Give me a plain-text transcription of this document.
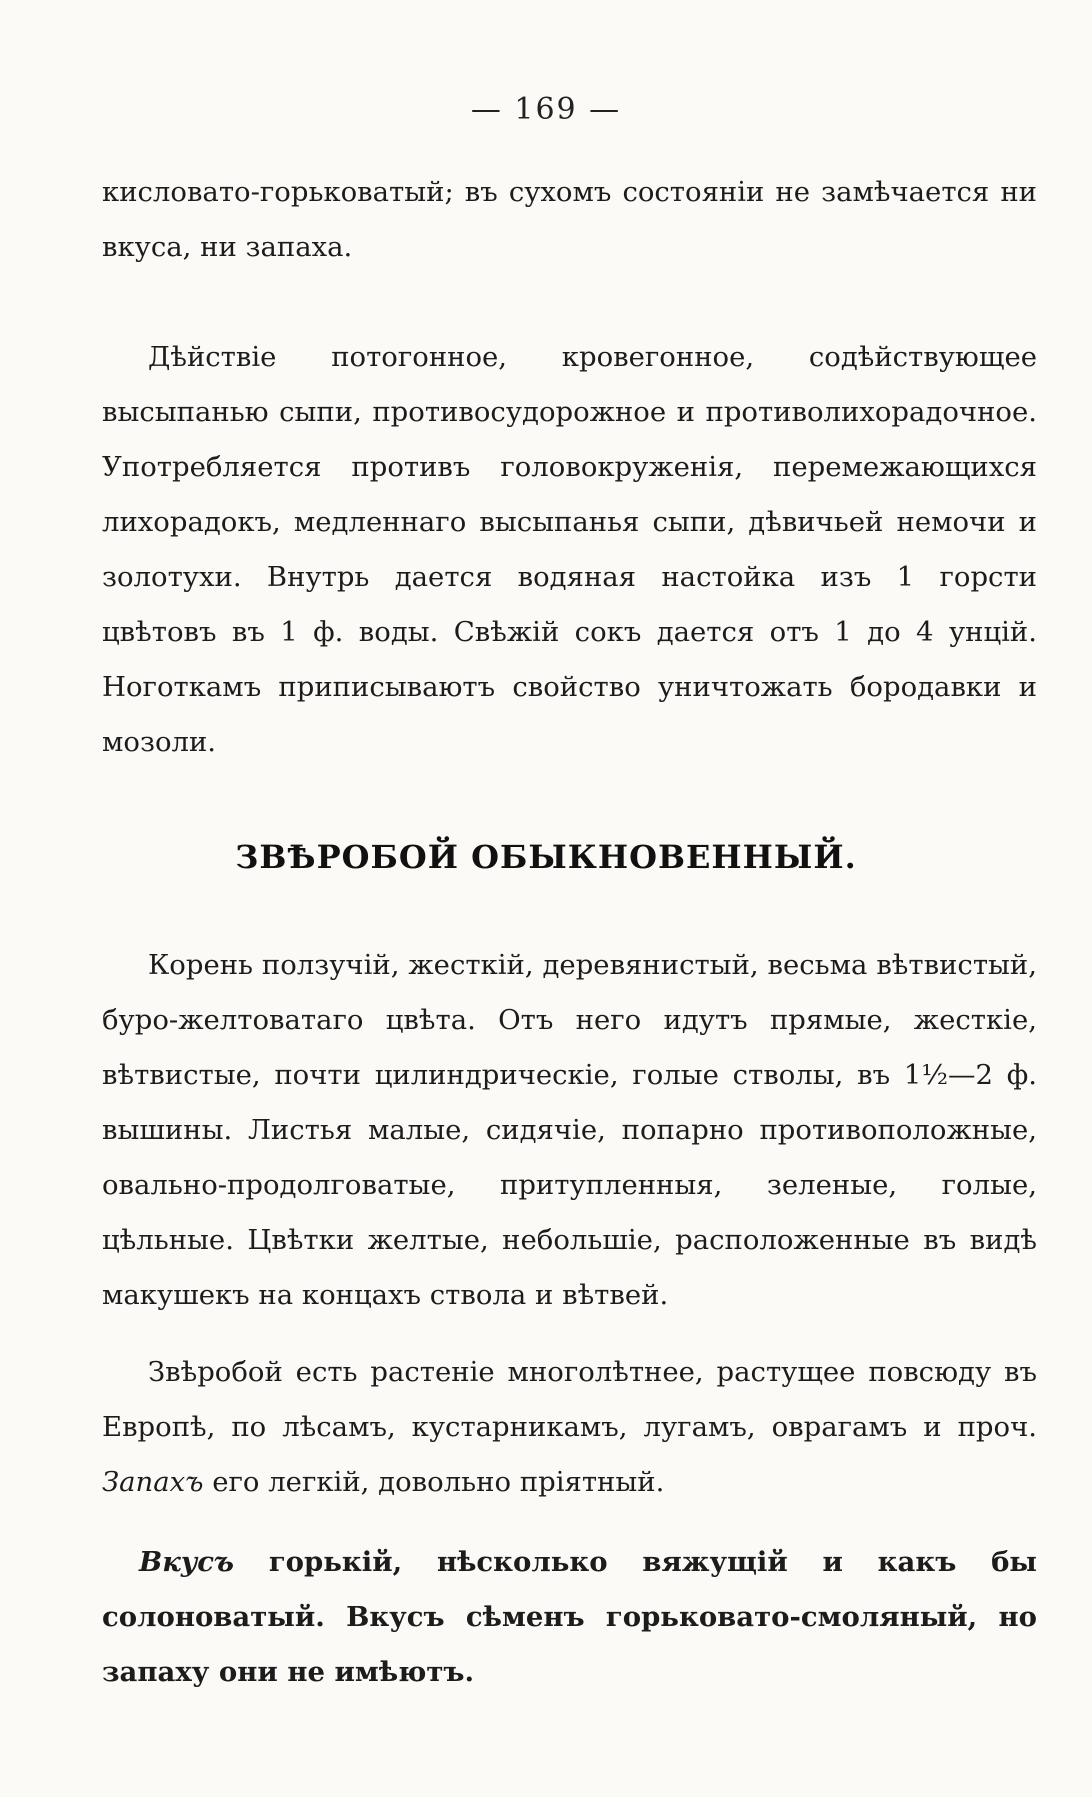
— 169 —

кисловато-горьковатый; въ сухомъ состояніи не замѣчается ни вкуса, ни запаха.

Дѣйствіе потогонное, кровегонное, содѣйствующее высыпанью сыпи, противосудорожное и противолихорадочное. Употребляется противъ головокруженія, перемежающихся лихорадокъ, медленнаго высыпанья сыпи, дѣвичьей немочи и золотухи. Внутрь дается водяная настойка изъ 1 горсти цвѣтовъ въ 1 ф. воды. Свѣжій сокъ дается отъ 1 до 4 унцій. Ноготкамъ приписываютъ свойство уничтожать бородавки и мозоли.

ЗВѢРОБОЙ ОБЫКНОВЕННЫЙ.

Корень ползучій, жесткій, деревянистый, весьма вѣтвистый, буро-желтоватаго цвѣта. Отъ него идутъ прямые, жесткіе, вѣтвистые, почти цилиндрическіе, голые стволы, въ 1½—2 ф. вышины. Листья малые, сидячіе, попарно противоположные, овально-продолговатые, притупленныя, зеленые, голые, цѣльные. Цвѣтки желтые, небольшіе, расположенные въ видѣ макушекъ на концахъ ствола и вѣтвей.

Звѣробой есть растеніе многолѣтнее, растущее повсюду въ Европѣ, по лѣсамъ, кустарникамъ, лугамъ, оврагамъ и проч. Запахъ его легкій, довольно пріятный.

Вкусъ горькій, нѣсколько вяжущій и какъ бы солоноватый. Вкусъ сѣменъ горьковато-смоляный, но запаху они не имѣютъ.
